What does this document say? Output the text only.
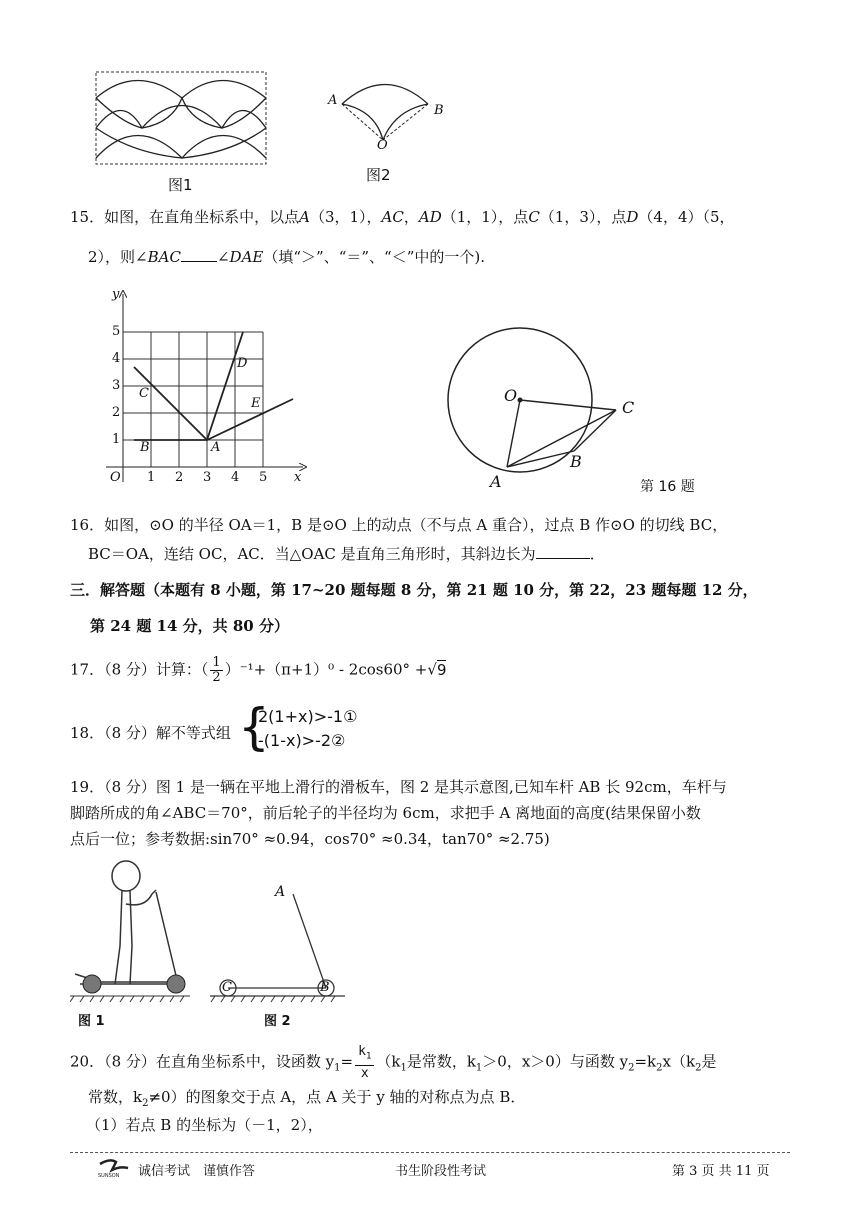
图1
A
B
O
图2
15．如图，在直角坐标系中，以点A（3，1），AC，AD（1，1），点C（1，3），点D（4，4）（5，
2），则∠BAC ∠DAE（填“＞”、“＝”、“＜”中的一个).
y
x
O 1 2 3 4 5
1
2
3
4
5
C
D
E
A
B
O
C
B
A	第 16 题
16．如图，⊙O 的半径 OA＝1，B 是⊙O 上的动点（不与点 A 重合），过点 B 作⊙O 的切线 BC，
BC＝OA，连结 OC，AC．当△OAC 是直角三角形时，其斜边长为	．
三．解答题（本题有 8 小题，第 17~20 题每题 8 分，第 21 题 10 分，第 22，23 题每题 12 分，
第 24 题 14 分，共 80 分）
17．（8 分）计算：（ $\frac{1}{2} )^{-1}+(\pi+1)^0 - 2\cos 60^\circ +√9$
18．（8 分）解不等式组 {
2(1+x)>-1①
-(1-x)>-2②
19．（8 分）图 1 是一辆在平地上滑行的滑板车，图 2 是其示意图,已知车杆 AB 长 92cm，车杆与
脚踏所成的角∠ABC＝70°，前后轮子的半径均为 6cm，求把手 A 离地面的高度(结果保留小数
点后一位；参考数据:sin70° ≈0.94，cos70° ≈0.34，tan70° ≈2.75)
A
C	B
图 1	图 2
20．（8 分）在直角坐标系中，设函数 $y_1= \frac{k_1}{x} (k_1$是常数，$k_1>0$，x＞0）与函数 $y_2=k_2x(k_2$是
常数，$k_2\ne 0$）的图象交于点 A，点 A 关于 y 轴的对称点为点 B．
（1）若点 B 的坐标为（－1，2），
SUNSON 诚信考试　谨慎作答	书生阶段性考试	第 3 页 共 11 页
